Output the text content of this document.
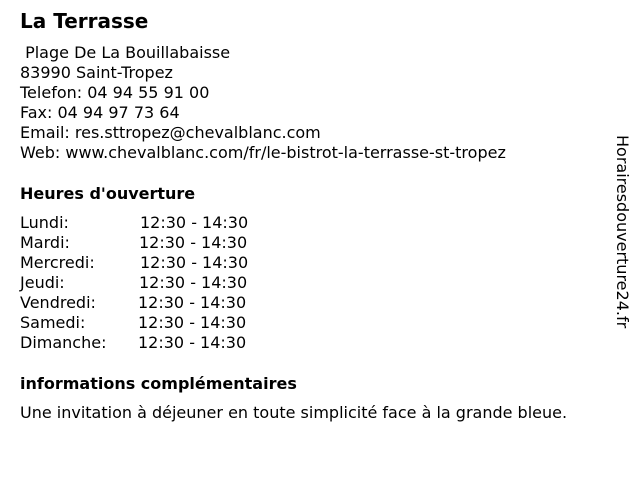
La Terrasse
Plage De La Bouillabaisse
83990 Saint-Tropez
Telefon: 04 94 55 91 00
Fax: 04 94 97 73 64
Email: res.sttropez@chevalblanc.com
Web: www.chevalblanc.com/fr/le-bistrot-la-terrasse-st-tropez
Heures d'ouverture
Lundi:	12:30 - 14:30
Mardi:	12:30 - 14:30
Mercredi:	12:30 - 14:30
Jeudi:	12:30 - 14:30
Vendredi:	12:30 - 14:30
Samedi:	12:30 - 14:30
Dimanche: 12:30 - 14:30
informations complémentaires
Une invitation à déjeuner en toute simplicité face à la grande bleue.
Horairesdouverture24.fr
